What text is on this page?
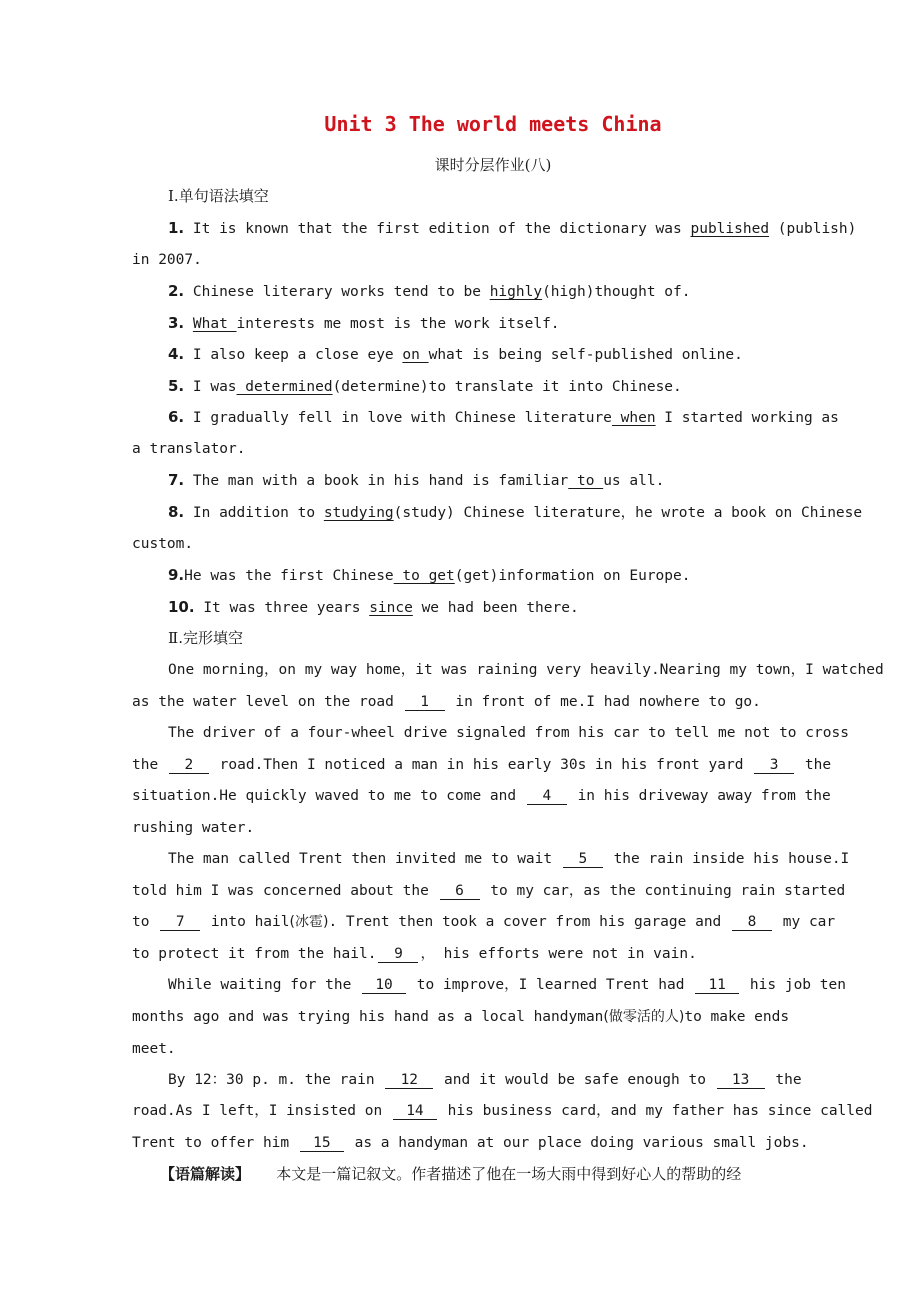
Unit 3 The world meets China
课时分层作业(八)
Ⅰ.单句语法填空
1. It is known that the first edition of the dictionary was published (publish)
in 2007.
2. Chinese literary works tend to be highly(high)thought of.
3. What interests me most is the work itself.
4. I also keep a close eye on what is being self-published online.
5. I was determined(determine)to translate it into Chinese.
6. I gradually fell in love with Chinese literature when I started working as
a translator.
7. The man with a book in his hand is familiar to us all.
8. In addition to studying(study) Chinese literature，he wrote a book on Chinese
custom.
9.He was the first Chinese to get(get)information on Europe.
10. It was three years since we had been there.
Ⅱ.完形填空
One morning，on my way home，it was raining very heavily.Nearing my town，I watched
as the water level on the road 1 in front of me.I had nowhere to go.
The driver of a four-wheel drive signaled from his car to tell me not to cross
the 2 road.Then I noticed a man in his early 30s in his front yard 3 the
situation.He quickly waved to me to come and 4 in his driveway away from the
rushing water.
The man called Trent then invited me to wait 5 the rain inside his house.I
told him I was concerned about the 6 to my car，as the continuing rain started
to 7 into hail(冰雹). Trent then took a cover from his garage and 8 my car
to protect it from the hail. 9 ， his efforts were not in vain.
While waiting for the 10 to improve，I learned Trent had 11 his job ten
months ago and was trying his hand as a local handyman(做零活的人)to make ends
meet.
By 12：30 p. m. the rain 12 and it would be safe enough to 13 the
road.As I left，I insisted on 14 his business card，and my father has since called
Trent to offer him 15 as a handyman at our place doing various small jobs.
【语篇解读】 本文是一篇记叙文。作者描述了他在一场大雨中得到好心人的帮助的经
